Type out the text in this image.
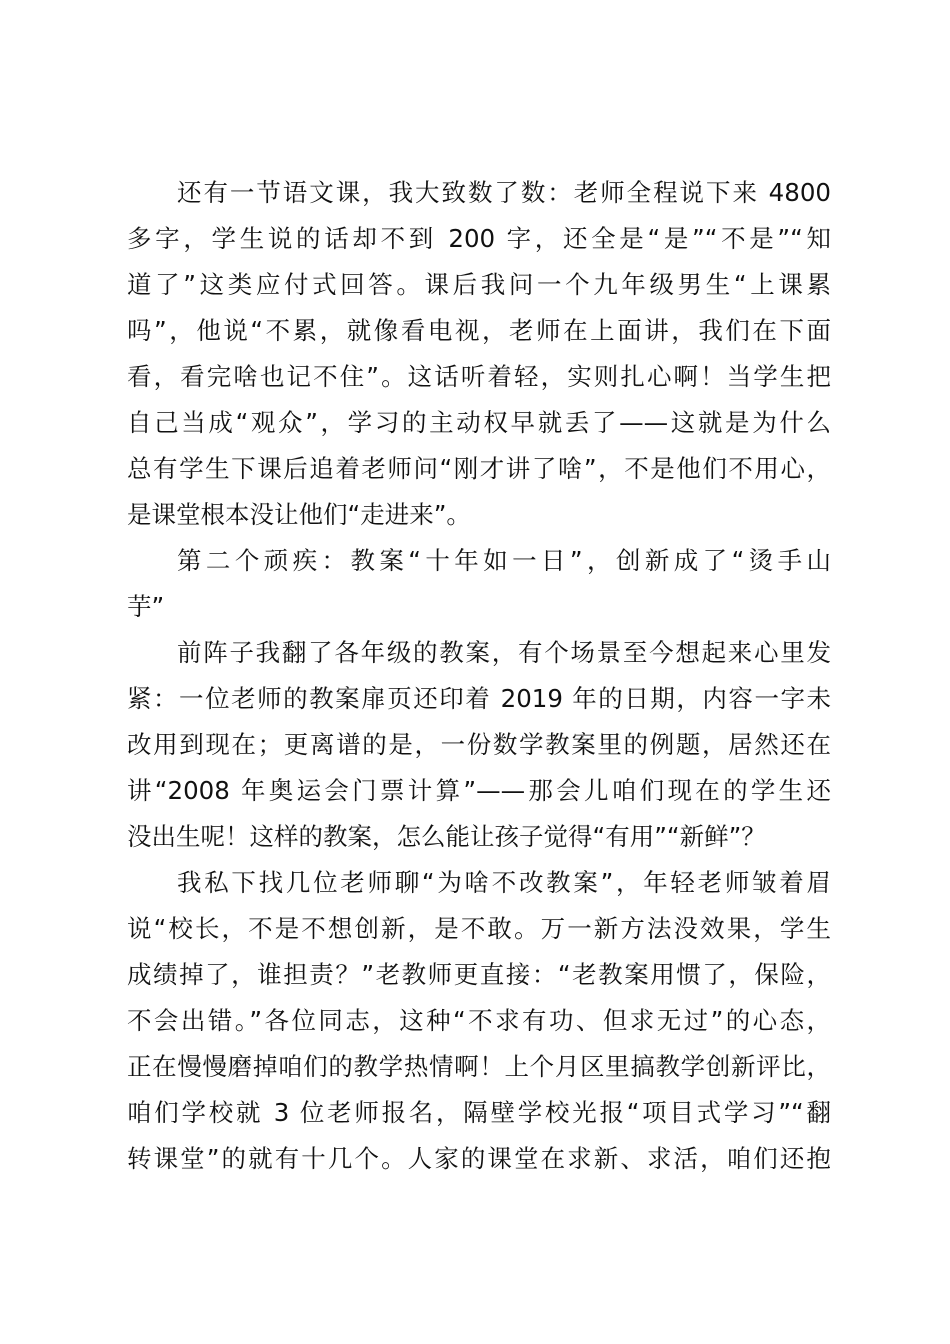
还有一节语文课，我大致数了数：老师全程说下来 4800
多字，学生说的话却不到 200 字，还全是“是”“不是”“知
道了”这类应付式回答。课后我问一个九年级男生“上课累
吗”，他说“不累，就像看电视，老师在上面讲，我们在下面
看，看完啥也记不住”。这话听着轻，实则扎心啊！当学生把
自己当成“观众”，学习的主动权早就丢了——这就是为什么
总有学生下课后追着老师问“刚才讲了啥”，不是他们不用心，
是课堂根本没让他们“走进来”。
第二个顽疾：教案“十年如一日”，创新成了“烫手山
芋”
前阵子我翻了各年级的教案，有个场景至今想起来心里发
紧：一位老师的教案扉页还印着 2019 年的日期，内容一字未
改用到现在；更离谱的是，一份数学教案里的例题，居然还在
讲“2008 年奥运会门票计算”——那会儿咱们现在的学生还
没出生呢！这样的教案，怎么能让孩子觉得“有用”“新鲜”？
我私下找几位老师聊“为啥不改教案”，年轻老师皱着眉
说“校长，不是不想创新，是不敢。万一新方法没效果，学生
成绩掉了，谁担责？”老教师更直接：“老教案用惯了，保险，
不会出错。”各位同志，这种“不求有功、但求无过”的心态，
正在慢慢磨掉咱们的教学热情啊！上个月区里搞教学创新评比，
咱们学校就 3 位老师报名，隔壁学校光报“项目式学习”“翻
转课堂”的就有十几个。人家的课堂在求新、求活，咱们还抱
